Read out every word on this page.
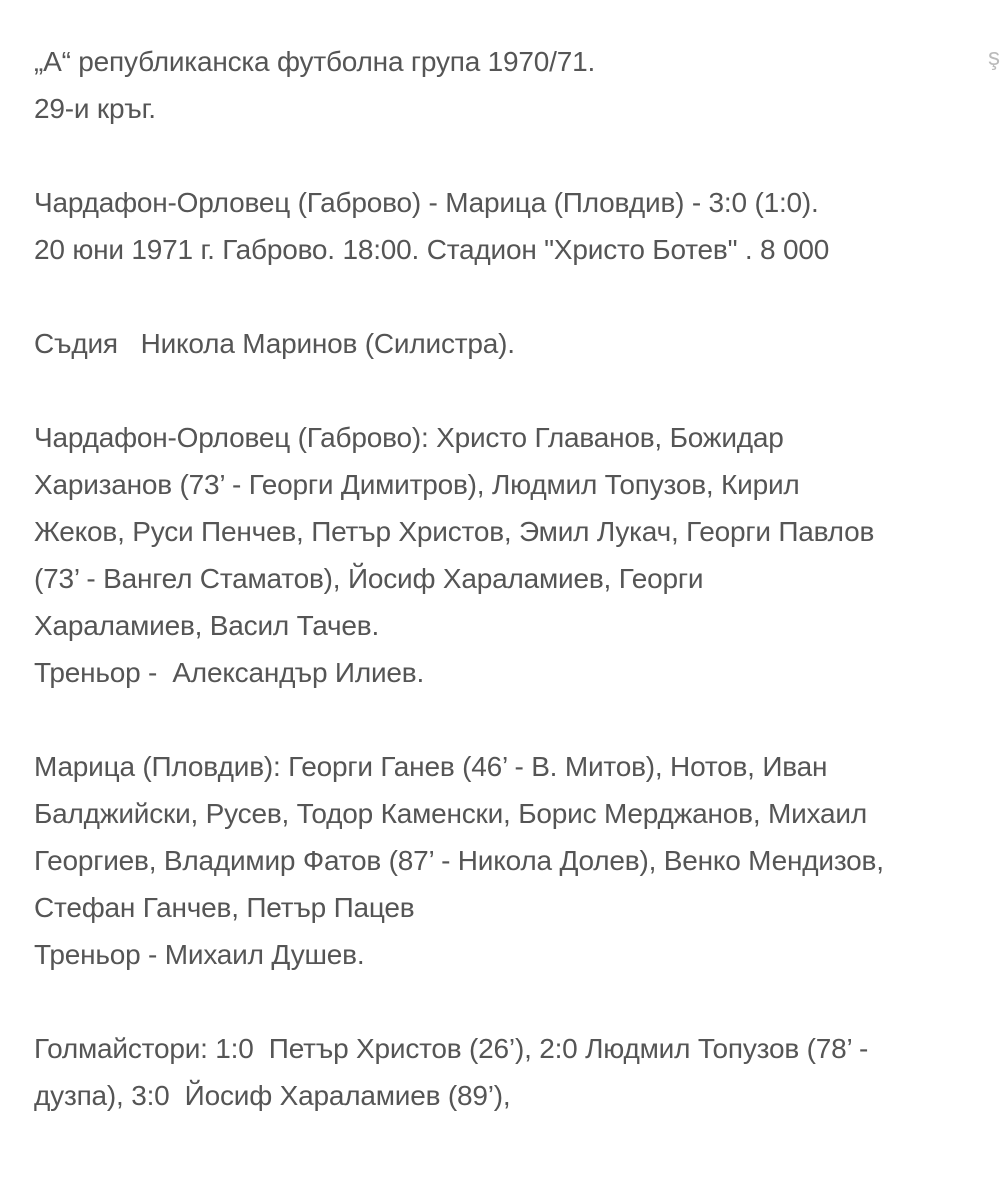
„А“ републиканска футболна група 1970/71.
29-и кръг.
Чардафон-Орловец (Габрово) - Марица (Пловдив) - 3:0 (1:0).
20 юни 1971 г. Габрово. 18:00. Стадион "Христо Ботев" . 8 000
Съдия   Никола Маринов (Силистра).
Чардафон-Орловец (Габрово): Христо Главанов, Божидар
Харизанов (73’ - Георги Димитров), Людмил Топузов, Кирил
Жеков, Руси Пенчев, Петър Христов, Эмил Лукач, Георги Павлов
(73’ - Вангел Стаматов), Йосиф Хараламиев, Георги
Хараламиев, Васил Тачев.
Треньор -  Александър Илиев.
Марица (Пловдив): Георги Ганев (46’ - В. Митов), Нотов, Иван
Балджийски, Русев, Тодор Каменски, Борис Мерджанов, Михаил
Георгиев, Владимир Фатов (87’ - Никола Долев), Венко Мендизов,
Стефан Ганчев, Петър Пацев
Треньор - Михаил Душев.
Голмайстори: 1:0  Петър Христов (26’), 2:0 Людмил Топузов (78’ -
дузпа), 3:0  Йосиф Хараламиев (89’),
ş
